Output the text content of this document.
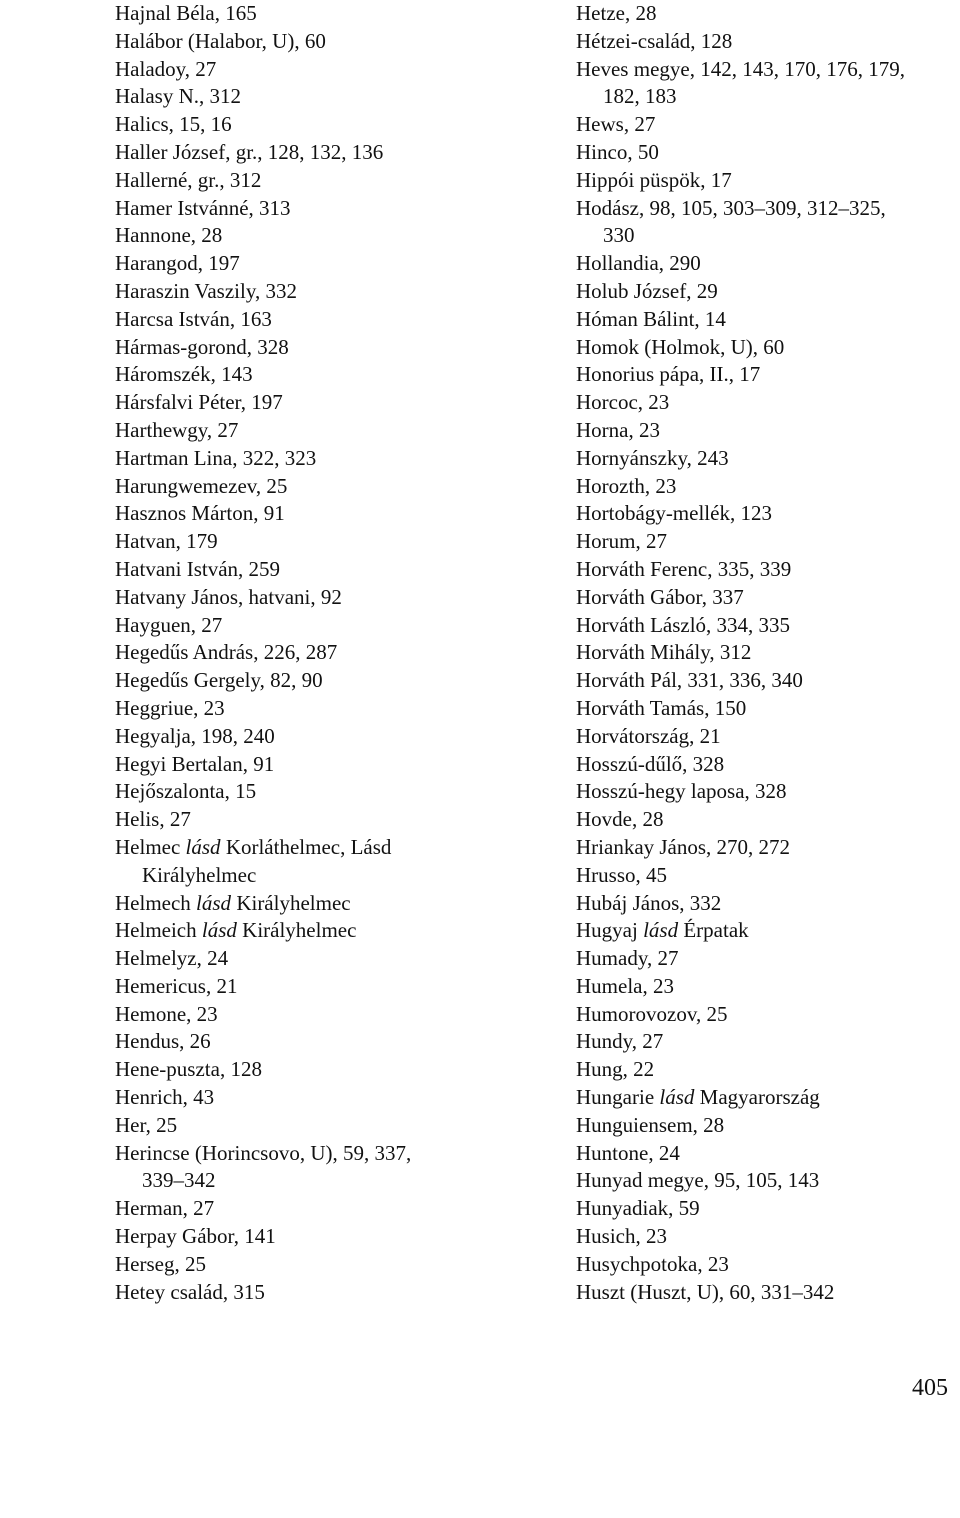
Hajnal Béla, 165
Halábor (Halabor, U), 60
Haladoy, 27
Halasy N., 312
Halics, 15, 16
Haller József, gr., 128, 132, 136
Hallerné, gr., 312
Hamer Istvánné, 313
Hannone, 28
Harangod, 197
Haraszin Vaszily, 332
Harcsa István, 163
Hármas-gorond, 328
Háromszék, 143
Hársfalvi Péter, 197
Harthewgy, 27
Hartman Lina, 322, 323
Harungwemezev, 25
Hasznos Márton, 91
Hatvan, 179
Hatvani István, 259
Hatvany János, hatvani, 92
Hayguen, 27
Hegedűs András, 226, 287
Hegedűs Gergely, 82, 90
Heggriue, 23
Hegyalja, 198, 240
Hegyi Bertalan, 91
Hejőszalonta, 15
Helis, 27
Helmec lásd Korláthelmec, Lásd
Királyhelmec
Helmech lásd Királyhelmec
Helmeich lásd Királyhelmec
Helmelyz, 24
Hemericus, 21
Hemone, 23
Hendus, 26
Hene-puszta, 128
Henrich, 43
Her, 25
Herincse (Horincsovo, U), 59, 337,
339–342
Herman, 27
Herpay Gábor, 141
Herseg, 25
Hetey család, 315
Hetze, 28
Hétzei-család, 128
Heves megye, 142, 143, 170, 176, 179,
182, 183
Hews, 27
Hinco, 50
Hippói püspök, 17
Hodász, 98, 105, 303–309, 312–325,
330
Hollandia, 290
Holub József, 29
Hóman Bálint, 14
Homok (Holmok, U), 60
Honorius pápa, II., 17
Horcoc, 23
Horna, 23
Hornyánszky, 243
Horozth, 23
Hortobágy-mellék, 123
Horum, 27
Horváth Ferenc, 335, 339
Horváth Gábor, 337
Horváth László, 334, 335
Horváth Mihály, 312
Horváth Pál, 331, 336, 340
Horváth Tamás, 150
Horvátország, 21
Hosszú-dűlő, 328
Hosszú-hegy laposa, 328
Hovde, 28
Hriankay János, 270, 272
Hrusso, 45
Hubáj János, 332
Hugyaj lásd Érpatak
Humady, 27
Humela, 23
Humorovozov, 25
Hundy, 27
Hung, 22
Hungarie lásd Magyarország
Hunguiensem, 28
Huntone, 24
Hunyad megye, 95, 105, 143
Hunyadiak, 59
Husich, 23
Husychpotoka, 23
Huszt (Huszt, U), 60, 331–342
405
